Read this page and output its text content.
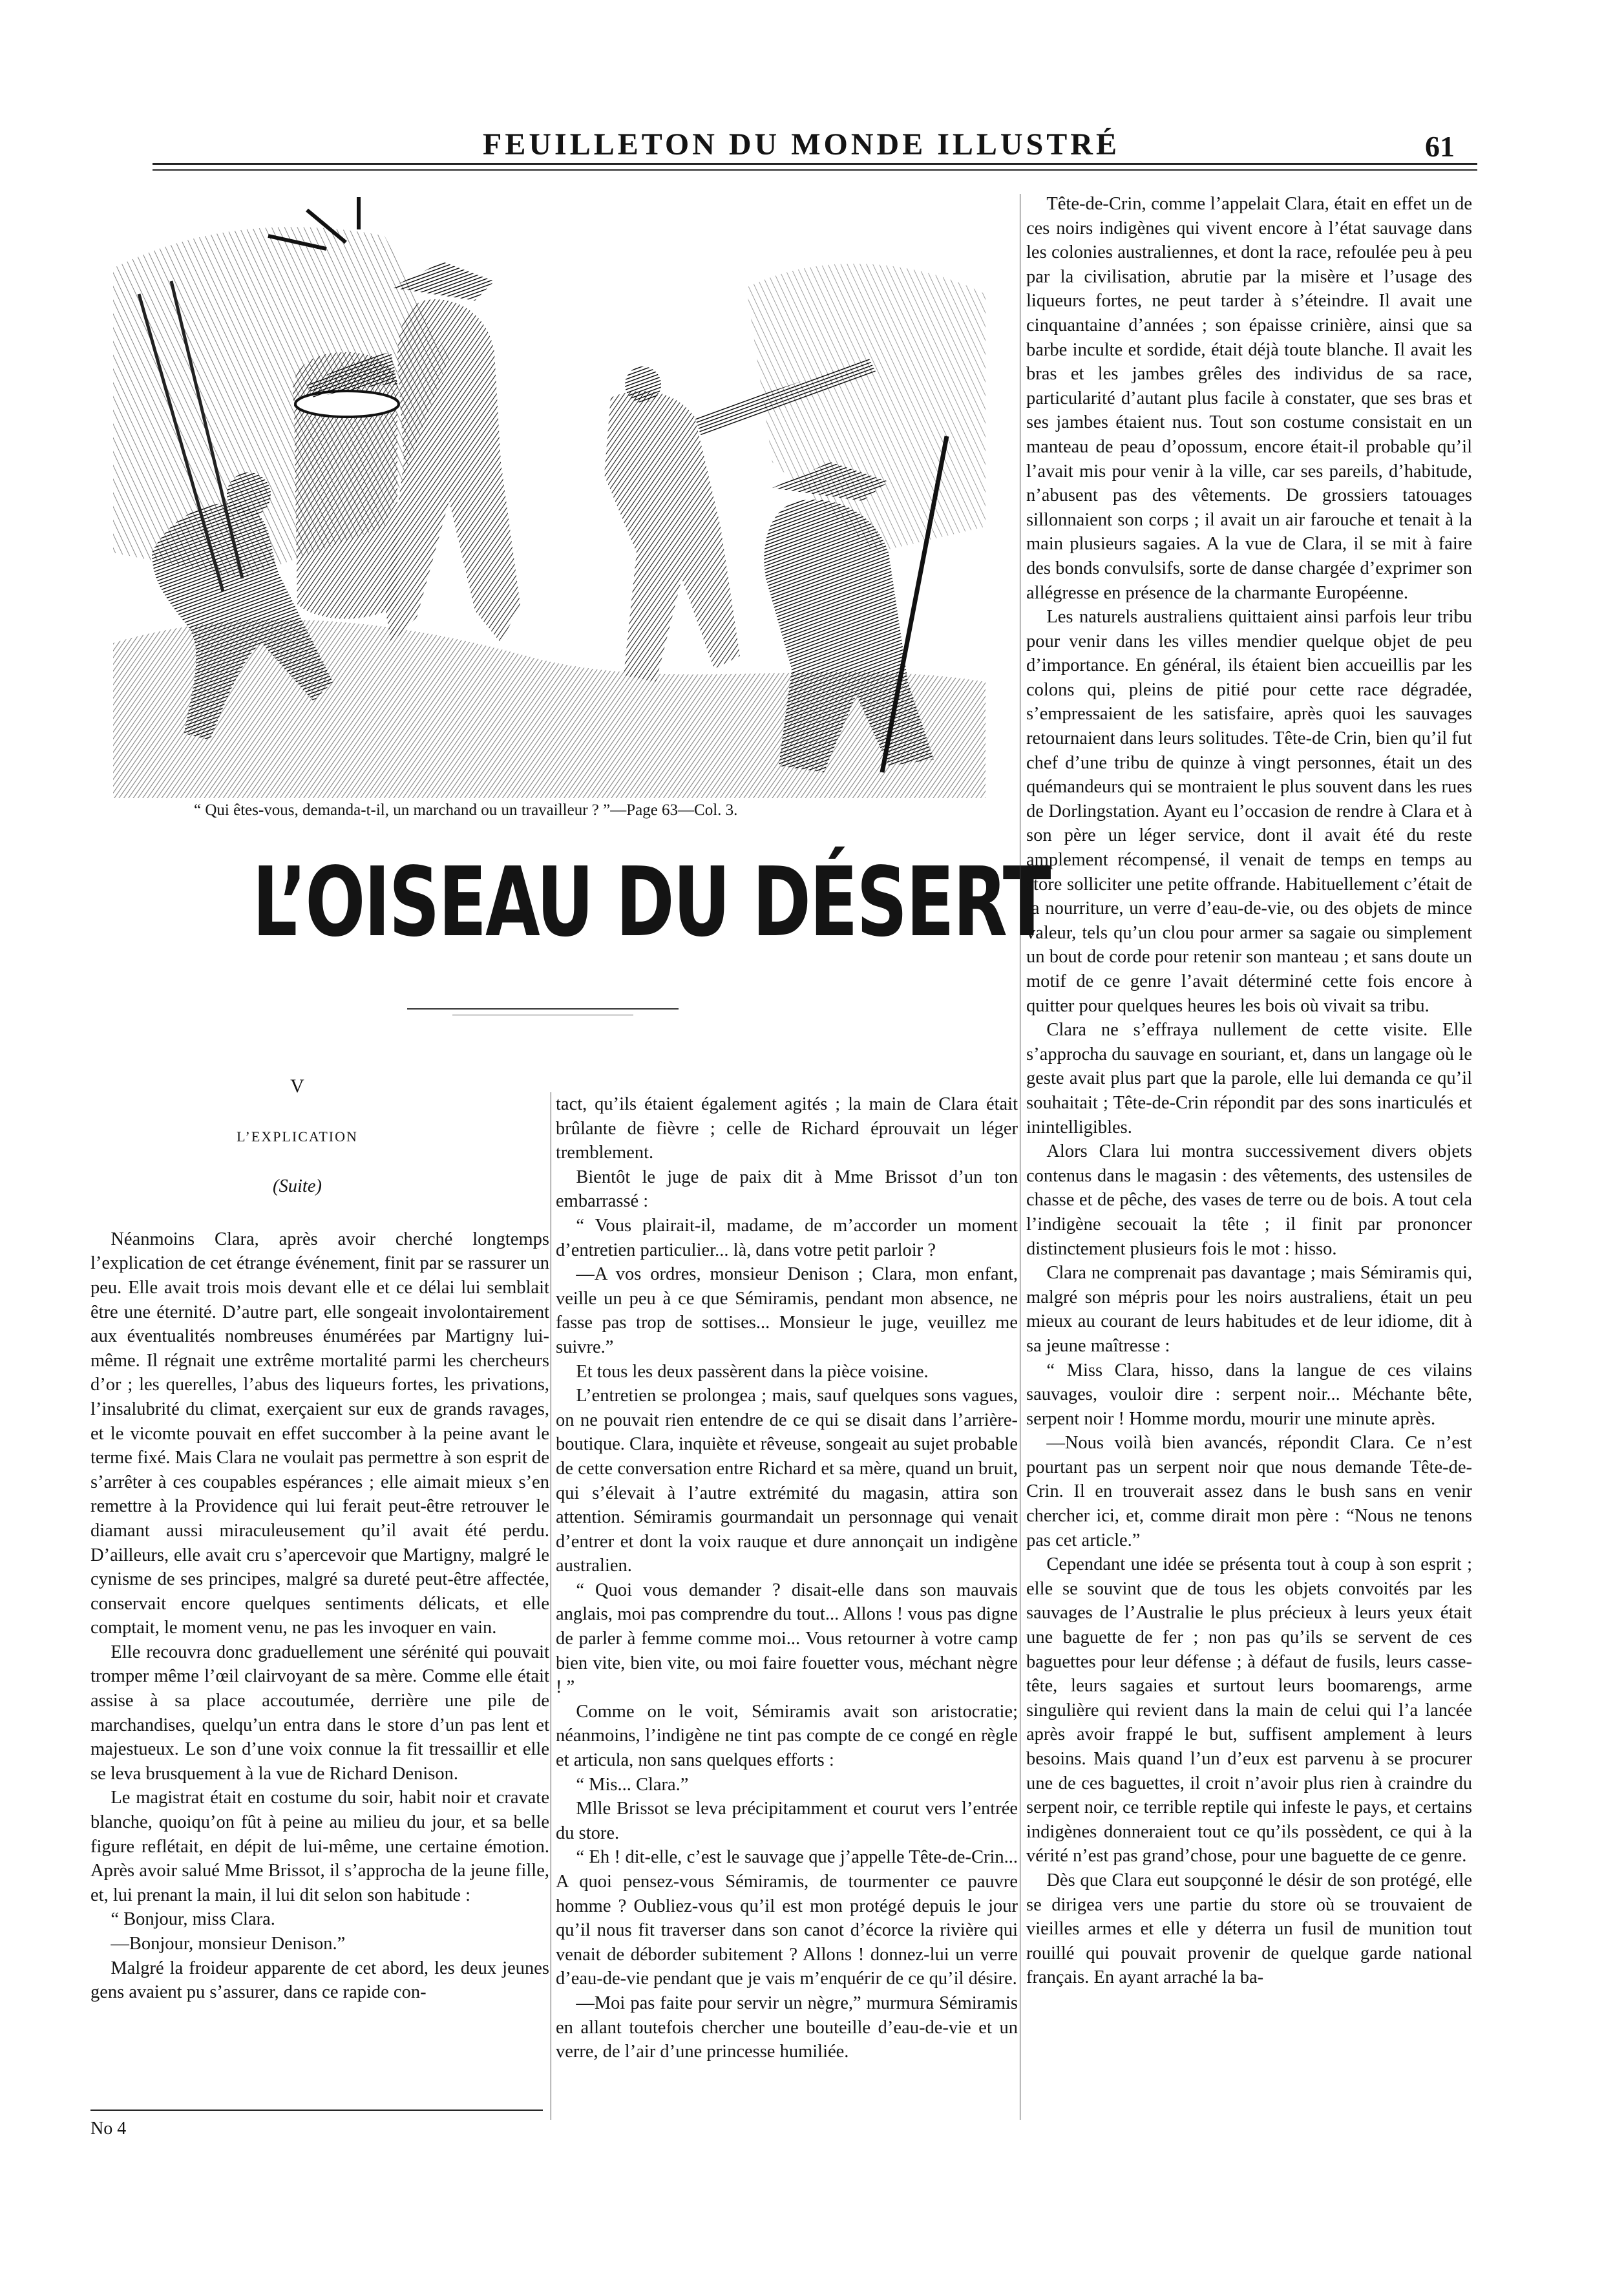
FEUILLETON DU MONDE ILLUSTRÉ	61
“ Qui êtes-vous, demanda-t-il, un marchand ou un travailleur ? ”—Page 63—Col. 3.
L’OISEAU DU DÉSERT
V
L’EXPLICATION
(Suite)

Néanmoins Clara, après avoir cherché longtemps l’explication de cet étrange événement, finit par se rassurer un peu. Elle avait trois mois devant elle et ce délai lui semblait être une éternité. D’autre part, elle songeait involontairement aux éventualités nombreuses énumérées par Martigny lui-même. Il régnait une extrême mortalité parmi les chercheurs d’or ; les querelles, l’abus des liqueurs fortes, les privations, l’insalubrité du climat, exerçaient sur eux de grands ravages, et le vicomte pouvait en effet succomber à la peine avant le terme fixé. Mais Clara ne voulait pas permettre à son esprit de s’arrêter à ces coupables espérances ; elle aimait mieux s’en remettre à la Providence qui lui ferait peut-être retrouver le diamant aussi miraculeusement qu’il avait été perdu. D’ailleurs, elle avait cru s’apercevoir que Martigny, malgré le cynisme de ses principes, malgré sa dureté peut-être affectée, conservait encore quelques sentiments délicats, et elle comptait, le moment venu, ne pas les invoquer en vain.

Elle recouvra donc graduellement une sérénité qui pouvait tromper même l’œil clairvoyant de sa mère. Comme elle était assise à sa place accoutumée, derrière une pile de marchandises, quelqu’un entra dans le store d’un pas lent et majestueux. Le son d’une voix connue la fit tressaillir et elle se leva brusquement à la vue de Richard Denison.

Le magistrat était en costume du soir, habit noir et cravate blanche, quoiqu’on fût à peine au milieu du jour, et sa belle figure reflétait, en dépit de lui-même, une certaine émotion. Après avoir salué Mme Brissot, il s’approcha de la jeune fille, et, lui prenant la main, il lui dit selon son habitude :

“ Bonjour, miss Clara.

—Bonjour, monsieur Denison.”

Malgré la froideur apparente de cet abord, les deux jeunes gens avaient pu s’assurer, dans ce rapide con-

tact, qu’ils étaient également agités ; la main de Clara était brûlante de fièvre ; celle de Richard éprouvait un léger tremblement.

Bientôt le juge de paix dit à Mme Brissot d’un ton embarrassé :

“ Vous plairait-il, madame, de m’accorder un moment d’entretien particulier... là, dans votre petit parloir ?

—A vos ordres, monsieur Denison ; Clara, mon enfant, veille un peu à ce que Sémiramis, pendant mon absence, ne fasse pas trop de sottises... Monsieur le juge, veuillez me suivre.”

Et tous les deux passèrent dans la pièce voisine.

L’entretien se prolongea ; mais, sauf quelques sons vagues, on ne pouvait rien entendre de ce qui se disait dans l’arrière-boutique. Clara, inquiète et rêveuse, songeait au sujet probable de cette conversation entre Richard et sa mère, quand un bruit, qui s’élevait à l’autre extrémité du magasin, attira son attention. Sémiramis gourmandait un personnage qui venait d’entrer et dont la voix rauque et dure annonçait un indigène australien.

“ Quoi vous demander ? disait-elle dans son mauvais anglais, moi pas comprendre du tout... Allons ! vous pas digne de parler à femme comme moi... Vous retourner à votre camp bien vite, bien vite, ou moi faire fouetter vous, méchant nègre ! ”

Comme on le voit, Sémiramis avait son aristocratie; néanmoins, l’indigène ne tint pas compte de ce congé en règle et articula, non sans quelques efforts :

“ Mis... Clara.”

Mlle Brissot se leva précipitamment et courut vers l’entrée du store.

“ Eh ! dit-elle, c’est le sauvage que j’appelle Tête-de-Crin... A quoi pensez-vous Sémiramis, de tourmenter ce pauvre homme ? Oubliez-vous qu’il est mon protégé depuis le jour qu’il nous fit traverser dans son canot d’écorce la rivière qui venait de déborder subitement ? Allons ! donnez-lui un verre d’eau-de-vie pendant que je vais m’enquérir de ce qu’il désire.

—Moi pas faite pour servir un nègre,” murmura Sémiramis en allant toutefois chercher une bouteille d’eau-de-vie et un verre, de l’air d’une princesse humiliée.

Tête-de-Crin, comme l’appelait Clara, était en effet un de ces noirs indigènes qui vivent encore à l’état sauvage dans les colonies australiennes, et dont la race, refoulée peu à peu par la civilisation, abrutie par la misère et l’usage des liqueurs fortes, ne peut tarder à s’éteindre. Il avait une cinquantaine d’années ; son épaisse crinière, ainsi que sa barbe inculte et sordide, était déjà toute blanche. Il avait les bras et les jambes grêles des individus de sa race, particularité d’autant plus facile à constater, que ses bras et ses jambes étaient nus. Tout son costume consistait en un manteau de peau d’opossum, encore était-il probable qu’il l’avait mis pour venir à la ville, car ses pareils, d’habitude, n’abusent pas des vêtements. De grossiers tatouages sillonnaient son corps ; il avait un air farouche et tenait à la main plusieurs sagaies. A la vue de Clara, il se mit à faire des bonds convulsifs, sorte de danse chargée d’exprimer son allégresse en présence de la charmante Européenne.

Les naturels australiens quittaient ainsi parfois leur tribu pour venir dans les villes mendier quelque objet de peu d’importance. En général, ils étaient bien accueillis par les colons qui, pleins de pitié pour cette race dégradée, s’empressaient de les satisfaire, après quoi les sauvages retournaient dans leurs solitudes. Tête-de Crin, bien qu’il fut chef d’une tribu de quinze à vingt personnes, était un des quémandeurs qui se montraient le plus souvent dans les rues de Dorlingstation. Ayant eu l’occasion de rendre à Clara et à son père un léger service, dont il avait été du reste amplement récompensé, il venait de temps en temps au store solliciter une petite offrande. Habituellement c’était de la nourriture, un verre d’eau-de-vie, ou des objets de mince valeur, tels qu’un clou pour armer sa sagaie ou simplement un bout de corde pour retenir son manteau ; et sans doute un motif de ce genre l’avait déterminé cette fois encore à quitter pour quelques heures les bois où vivait sa tribu.

Clara ne s’effraya nullement de cette visite. Elle s’approcha du sauvage en souriant, et, dans un langage où le geste avait plus part que la parole, elle lui demanda ce qu’il souhaitait ; Tête-de-Crin répondit par des sons inarticulés et inintelligibles.

Alors Clara lui montra successivement divers objets contenus dans le magasin : des vêtements, des ustensiles de chasse et de pêche, des vases de terre ou de bois. A tout cela l’indigène secouait la tête ; il finit par prononcer distinctement plusieurs fois le mot : hisso.

Clara ne comprenait pas davantage ; mais Sémiramis qui, malgré son mépris pour les noirs australiens, était un peu mieux au courant de leurs habitudes et de leur idiome, dit à sa jeune maîtresse :

“ Miss Clara, hisso, dans la langue de ces vilains sauvages, vouloir dire : serpent noir... Méchante bête, serpent noir ! Homme mordu, mourir une minute après.

—Nous voilà bien avancés, répondit Clara. Ce n’est pourtant pas un serpent noir que nous demande Tête-de-Crin. Il en trouverait assez dans le bush sans en venir chercher ici, et, comme dirait mon père : “Nous ne tenons pas cet article.”

Cependant une idée se présenta tout à coup à son esprit ; elle se souvint que de tous les objets convoités par les sauvages de l’Australie le plus précieux à leurs yeux était une baguette de fer ; non pas qu’ils se servent de ces baguettes pour leur défense ; à défaut de fusils, leurs casse-tête, leurs sagaies et surtout leurs boomarengs, arme singulière qui revient dans la main de celui qui l’a lancée après avoir frappé le but, suffisent amplement à leurs besoins. Mais quand l’un d’eux est parvenu à se procurer une de ces baguettes, il croit n’avoir plus rien à craindre du serpent noir, ce terrible reptile qui infeste le pays, et certains indigènes donneraient tout ce qu’ils possèdent, ce qui à la vérité n’est pas grand’chose, pour une baguette de ce genre.

Dès que Clara eut soupçonné le désir de son protégé, elle se dirigea vers une partie du store où se trouvaient de vieilles armes et elle y déterra un fusil de munition tout rouillé qui pouvait provenir de quelque garde national français. En ayant arraché la ba-

No 4
